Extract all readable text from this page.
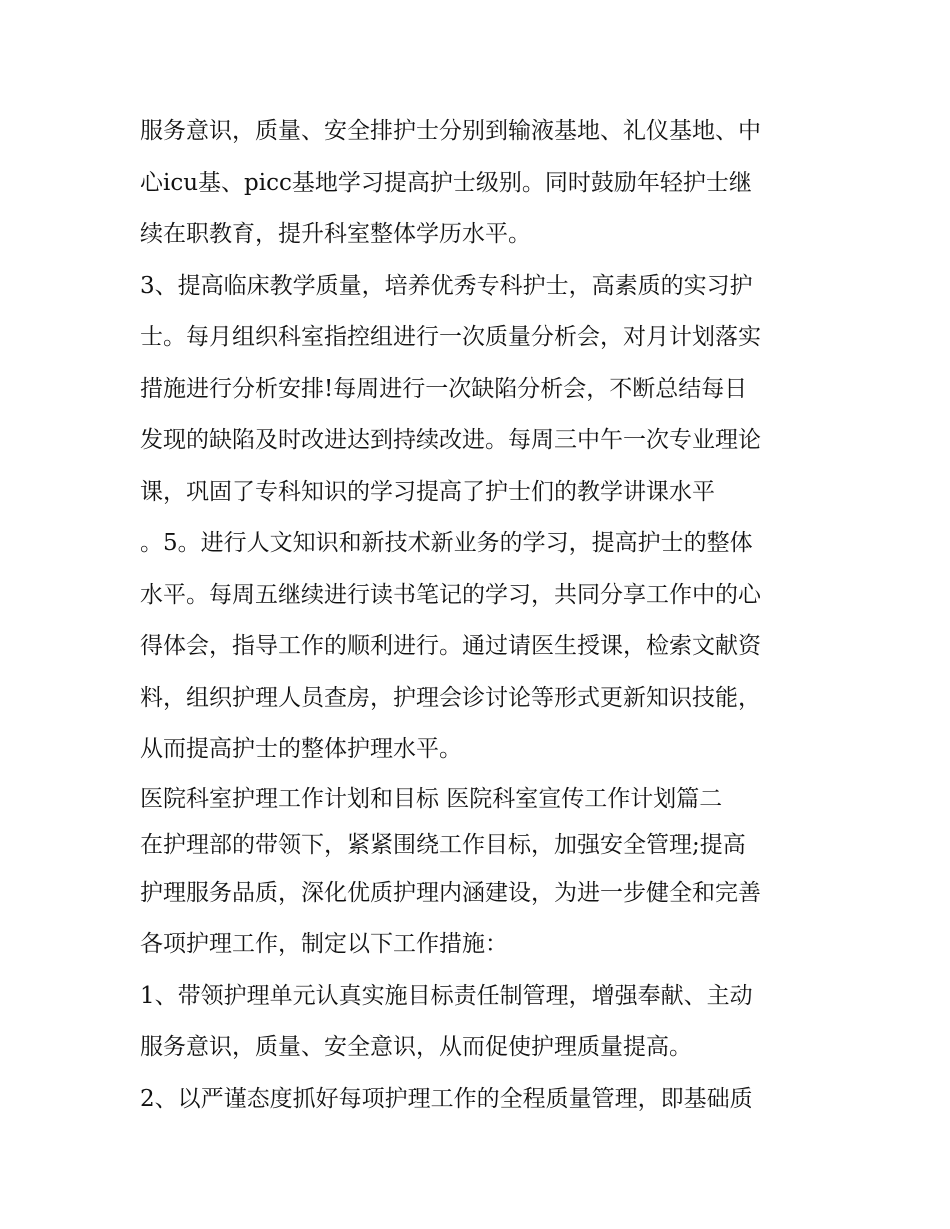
服务意识，质量、安全排护士分别到输液基地、礼仪基地、中
心icu基、picc基地学习提高护士级别。同时鼓励年轻护士继
续在职教育，提升科室整体学历水平。
3、提高临床教学质量，培养优秀专科护士，高素质的实习护
士。每月组织科室指控组进行一次质量分析会，对月计划落实
措施进行分析安排!每周进行一次缺陷分析会，不断总结每日
发现的缺陷及时改进达到持续改进。每周三中午一次专业理论
课，巩固了专科知识的学习提高了护士们的教学讲课水平
。5。进行人文知识和新技术新业务的学习，提高护士的整体
水平。每周五继续进行读书笔记的学习，共同分享工作中的心
得体会，指导工作的顺利进行。通过请医生授课，检索文献资
料，组织护理人员查房，护理会诊讨论等形式更新知识技能，
从而提高护士的整体护理水平。
医院科室护理工作计划和目标 医院科室宣传工作计划篇二
在护理部的带领下，紧紧围绕工作目标，加强安全管理;提高
护理服务品质，深化优质护理内涵建设，为进一步健全和完善
各项护理工作，制定以下工作措施：
1、带领护理单元认真实施目标责任制管理，增强奉献、主动
服务意识，质量、安全意识，从而促使护理质量提高。
2、以严谨态度抓好每项护理工作的全程质量管理，即基础质
